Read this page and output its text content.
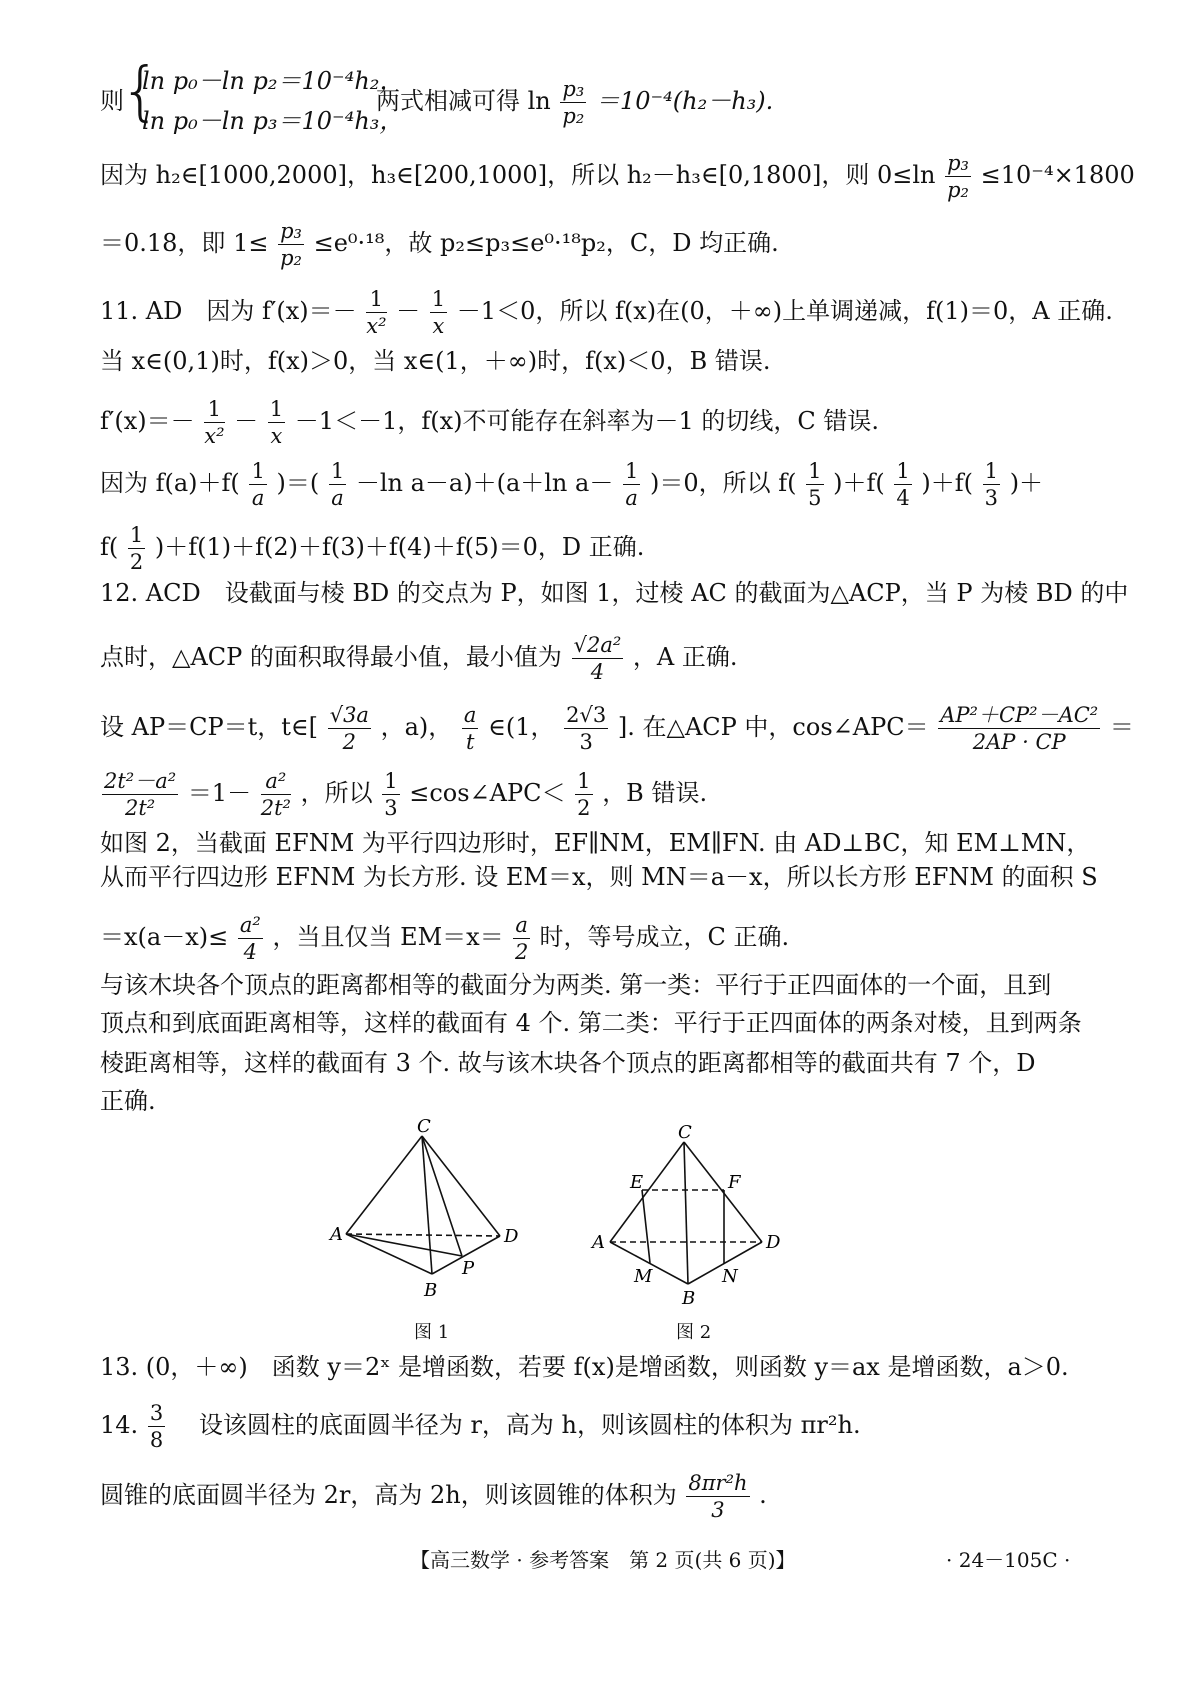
则
{
ln p₀－ln p₂＝10⁻⁴h₂，
ln p₀－ln p₃＝10⁻⁴h₃，
两式相减可得 $\ln \frac{\text{p₃}}{\text{p₂}} =10^{-4}(h_2-h_3)$.
因为 h₂∈[1000,2000]，h₃∈[200,1000]，所以 h₂－h₃∈[0,1800]，则 $0\le\ln \frac{\text{p₃}}{\text{p₂}} \le 10^{-4}\times 1800$
＝0.18，即 $1\le \frac{\text{p₃}}{\text{p₂}} \le e^0\cdot^{18}$，故 p₂≤p₃≤e⁰·¹⁸p₂，C，D 均正确.
11. AD　因为 $f'(x)=- \frac{1}{\text{x²}} - \frac{1}{x} -1<0$，所以 f(x)在(0，＋∞)上单调递减，f(1)＝0，A 正确.
当 x∈(0,1)时，f(x)＞0，当 x∈(1，＋∞)时，f(x)＜0，B 错误.
$f'(x)=- \frac{1}{\text{x²}} - \frac{1}{x} -1<-1$，f(x)不可能存在斜率为－1 的切线，C 错误.
因为 $f(a)+f( \frac{1}{a}$ )＝( $\frac{1}{a} -\ln$ a－a)＋(a＋ln $a- \frac{1}{a} )=0$，所以 $f( \frac{1}{5} )+f( \frac{1}{4} )+f( \frac{1}{3}$ )＋
$f( \frac{1}{2} )+f(1)+f(2)+f(3)+f(4)+f(5)=0$，D 正确.
12. ACD　设截面与棱 BD 的交点为 P，如图 1，过棱 AC 的截面为△ACP，当 P 为棱 BD 的中
点时，△ACP 的面积取得最小值，最小值为 $\frac{\text{√2a²}}{4}$ ，A 正确.
设 AP＝CP＝t，t∈[ $\frac{√3a}{2}$ ，a)， $\frac{a}{t}$ ∈(1， $\frac{2√3}{3}$ ]. 在△ACP 中，cos∠APC＝ $\frac{\text{AP²＋CP²－AC²}}{2AP \cdot CP}$ ＝
$\frac{\text{2t²－a²}}{\text{2t²}} =1- \frac{\text{a²}}{\text{2t²}}$ ，所以 $\frac{1}{3}$ ≤cos∠APC＜ $\frac{1}{2}$ ，B 错误.
如图 2，当截面 EFNM 为平行四边形时，EF∥NM，EM∥FN. 由 AD⊥BC，知 EM⊥MN，
从而平行四边形 EFNM 为长方形. 设 EM＝x，则 MN＝a－x，所以长方形 EFNM 的面积 S
$=x(a-x)\le \frac{\text{a²}}{4}$ ，当且仅当 $EM=x= \frac{a}{2}$ 时，等号成立，C 正确.
与该木块各个顶点的距离都相等的截面分为两类. 第一类：平行于正四面体的一个面，且到
顶点和到底面距离相等，这样的截面有 4 个. 第二类：平行于正四面体的两条对棱，且到两条
棱距离相等，这样的截面有 3 个. 故与该木块各个顶点的距离都相等的截面共有 7 个，D
正确.
C
A	D
B
P
图 1
C
E	F
A	D
M	N
B
图 2
13. (0，＋∞)　函数 y＝2ˣ 是增函数，若要 f(x)是增函数，则函数 y＝ax 是增函数，a＞0.
14. $\frac{3}{8}$
　 设该圆柱的底面圆半径为 r，高为 h，则该圆柱的体积为 πr²h.
圆锥的底面圆半径为 2r，高为 2h，则该圆锥的体积为 $\frac{\text{8πr²h}}{3}$ .
【高三数学 · 参考答案　第 2 页(共 6 页)】	· 24－105C ·
